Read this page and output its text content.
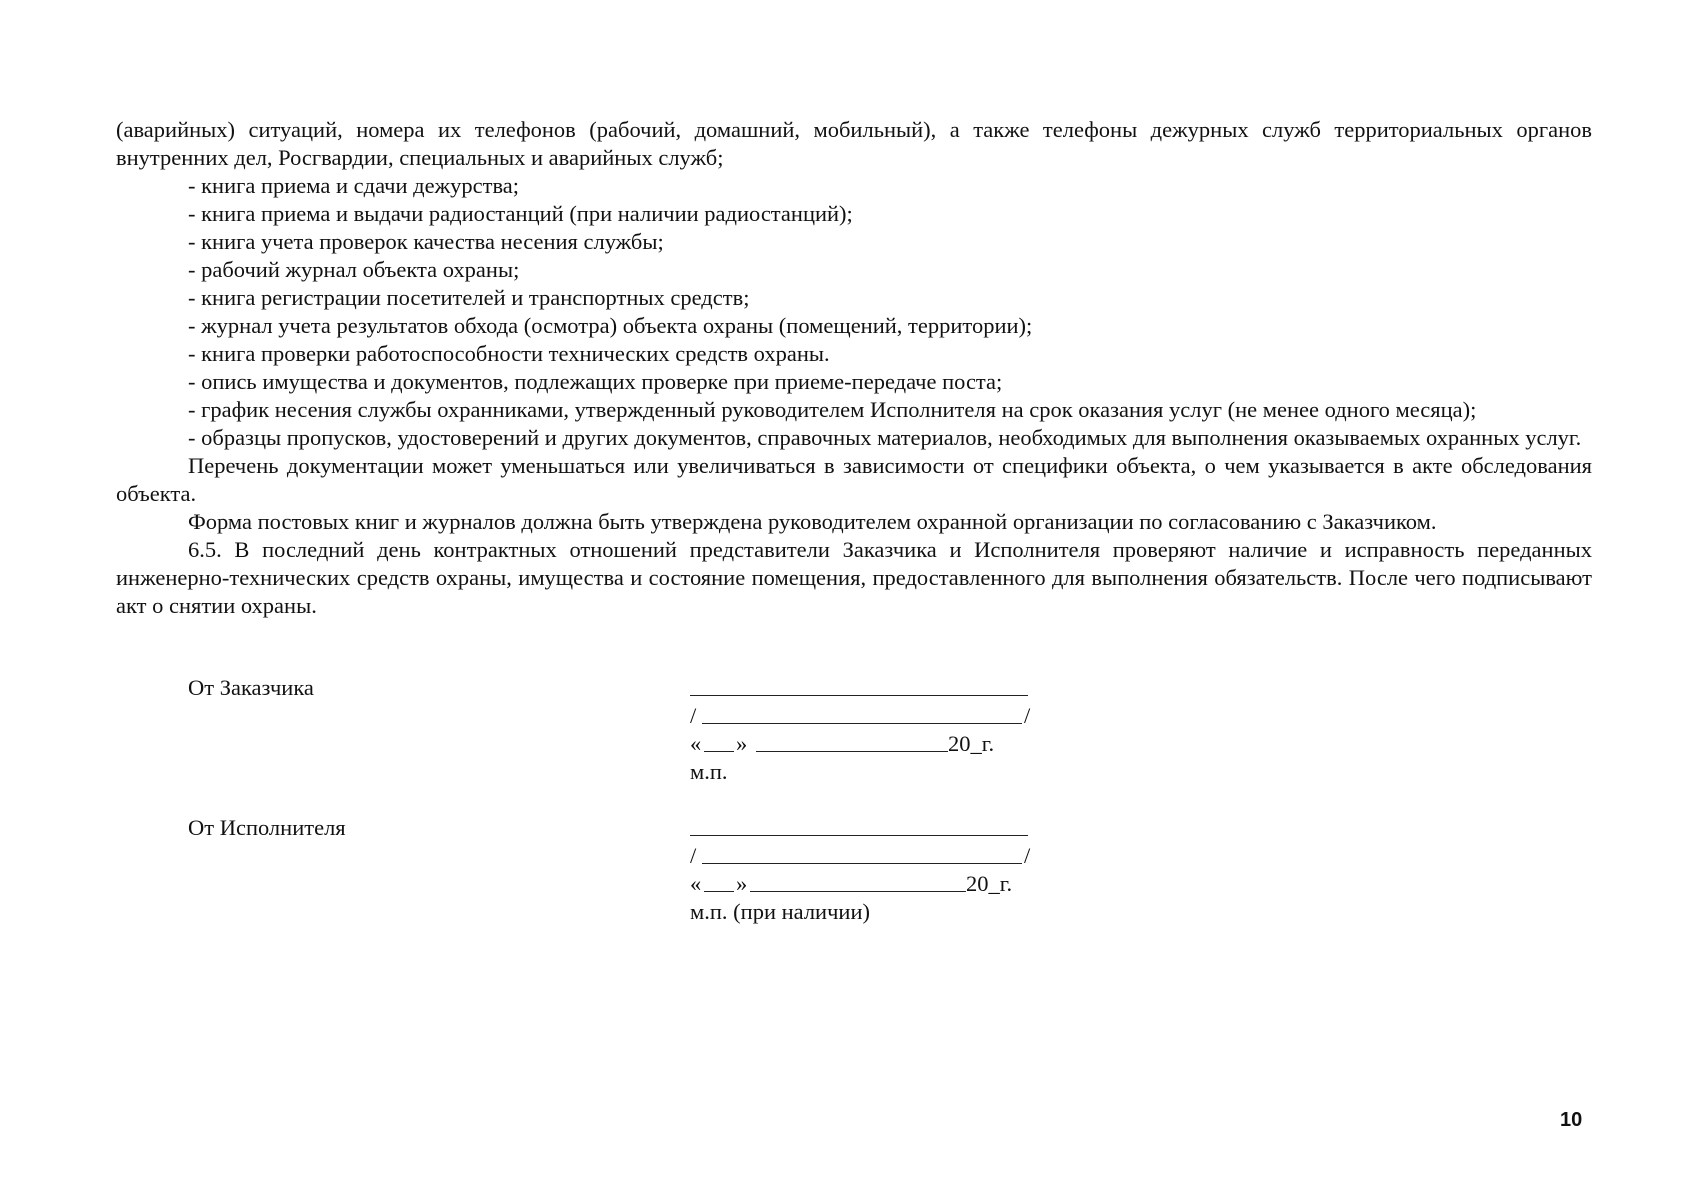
(аварийных) ситуаций, номера их телефонов (рабочий, домашний, мобильный), а также телефоны дежурных служб территориальных органов внутренних дел, Росгвардии, специальных и аварийных служб;

- книга приема и сдачи дежурства;

- книга приема и выдачи радиостанций (при наличии радиостанций);

- книга учета проверок качества несения службы;

- рабочий журнал объекта охраны;

- книга регистрации посетителей и транспортных средств;

- журнал учета результатов обхода (осмотра) объекта охраны (помещений, территории);

- книга проверки работоспособности технических средств охраны.

- опись имущества и документов, подлежащих проверке при приеме-передаче поста;

- график несения службы охранниками, утвержденный руководителем Исполнителя на срок оказания услуг (не менее одного месяца);

- образцы пропусков, удостоверений и других документов, справочных материалов, необходимых для выполнения оказываемых охранных услуг.

Перечень документации может уменьшаться или увеличиваться в зависимости от специфики объекта, о чем указывается в акте обследования объекта.

Форма постовых книг и журналов должна быть утверждена руководителем охранной организации по согласованию с Заказчиком.

6.5. В последний день контрактных отношений представители Заказчика и Исполнителя проверяют наличие и исправность переданных инженерно-технических средств охраны, имущества и состояние помещения, предоставленного для выполнения обязательств. После чего подписывают акт о снятии охраны.

От Заказчика
/	/
« »	20_г.
м.п.
От Исполнителя
/	/
« »	20_г.
м.п. (при наличии)
10
